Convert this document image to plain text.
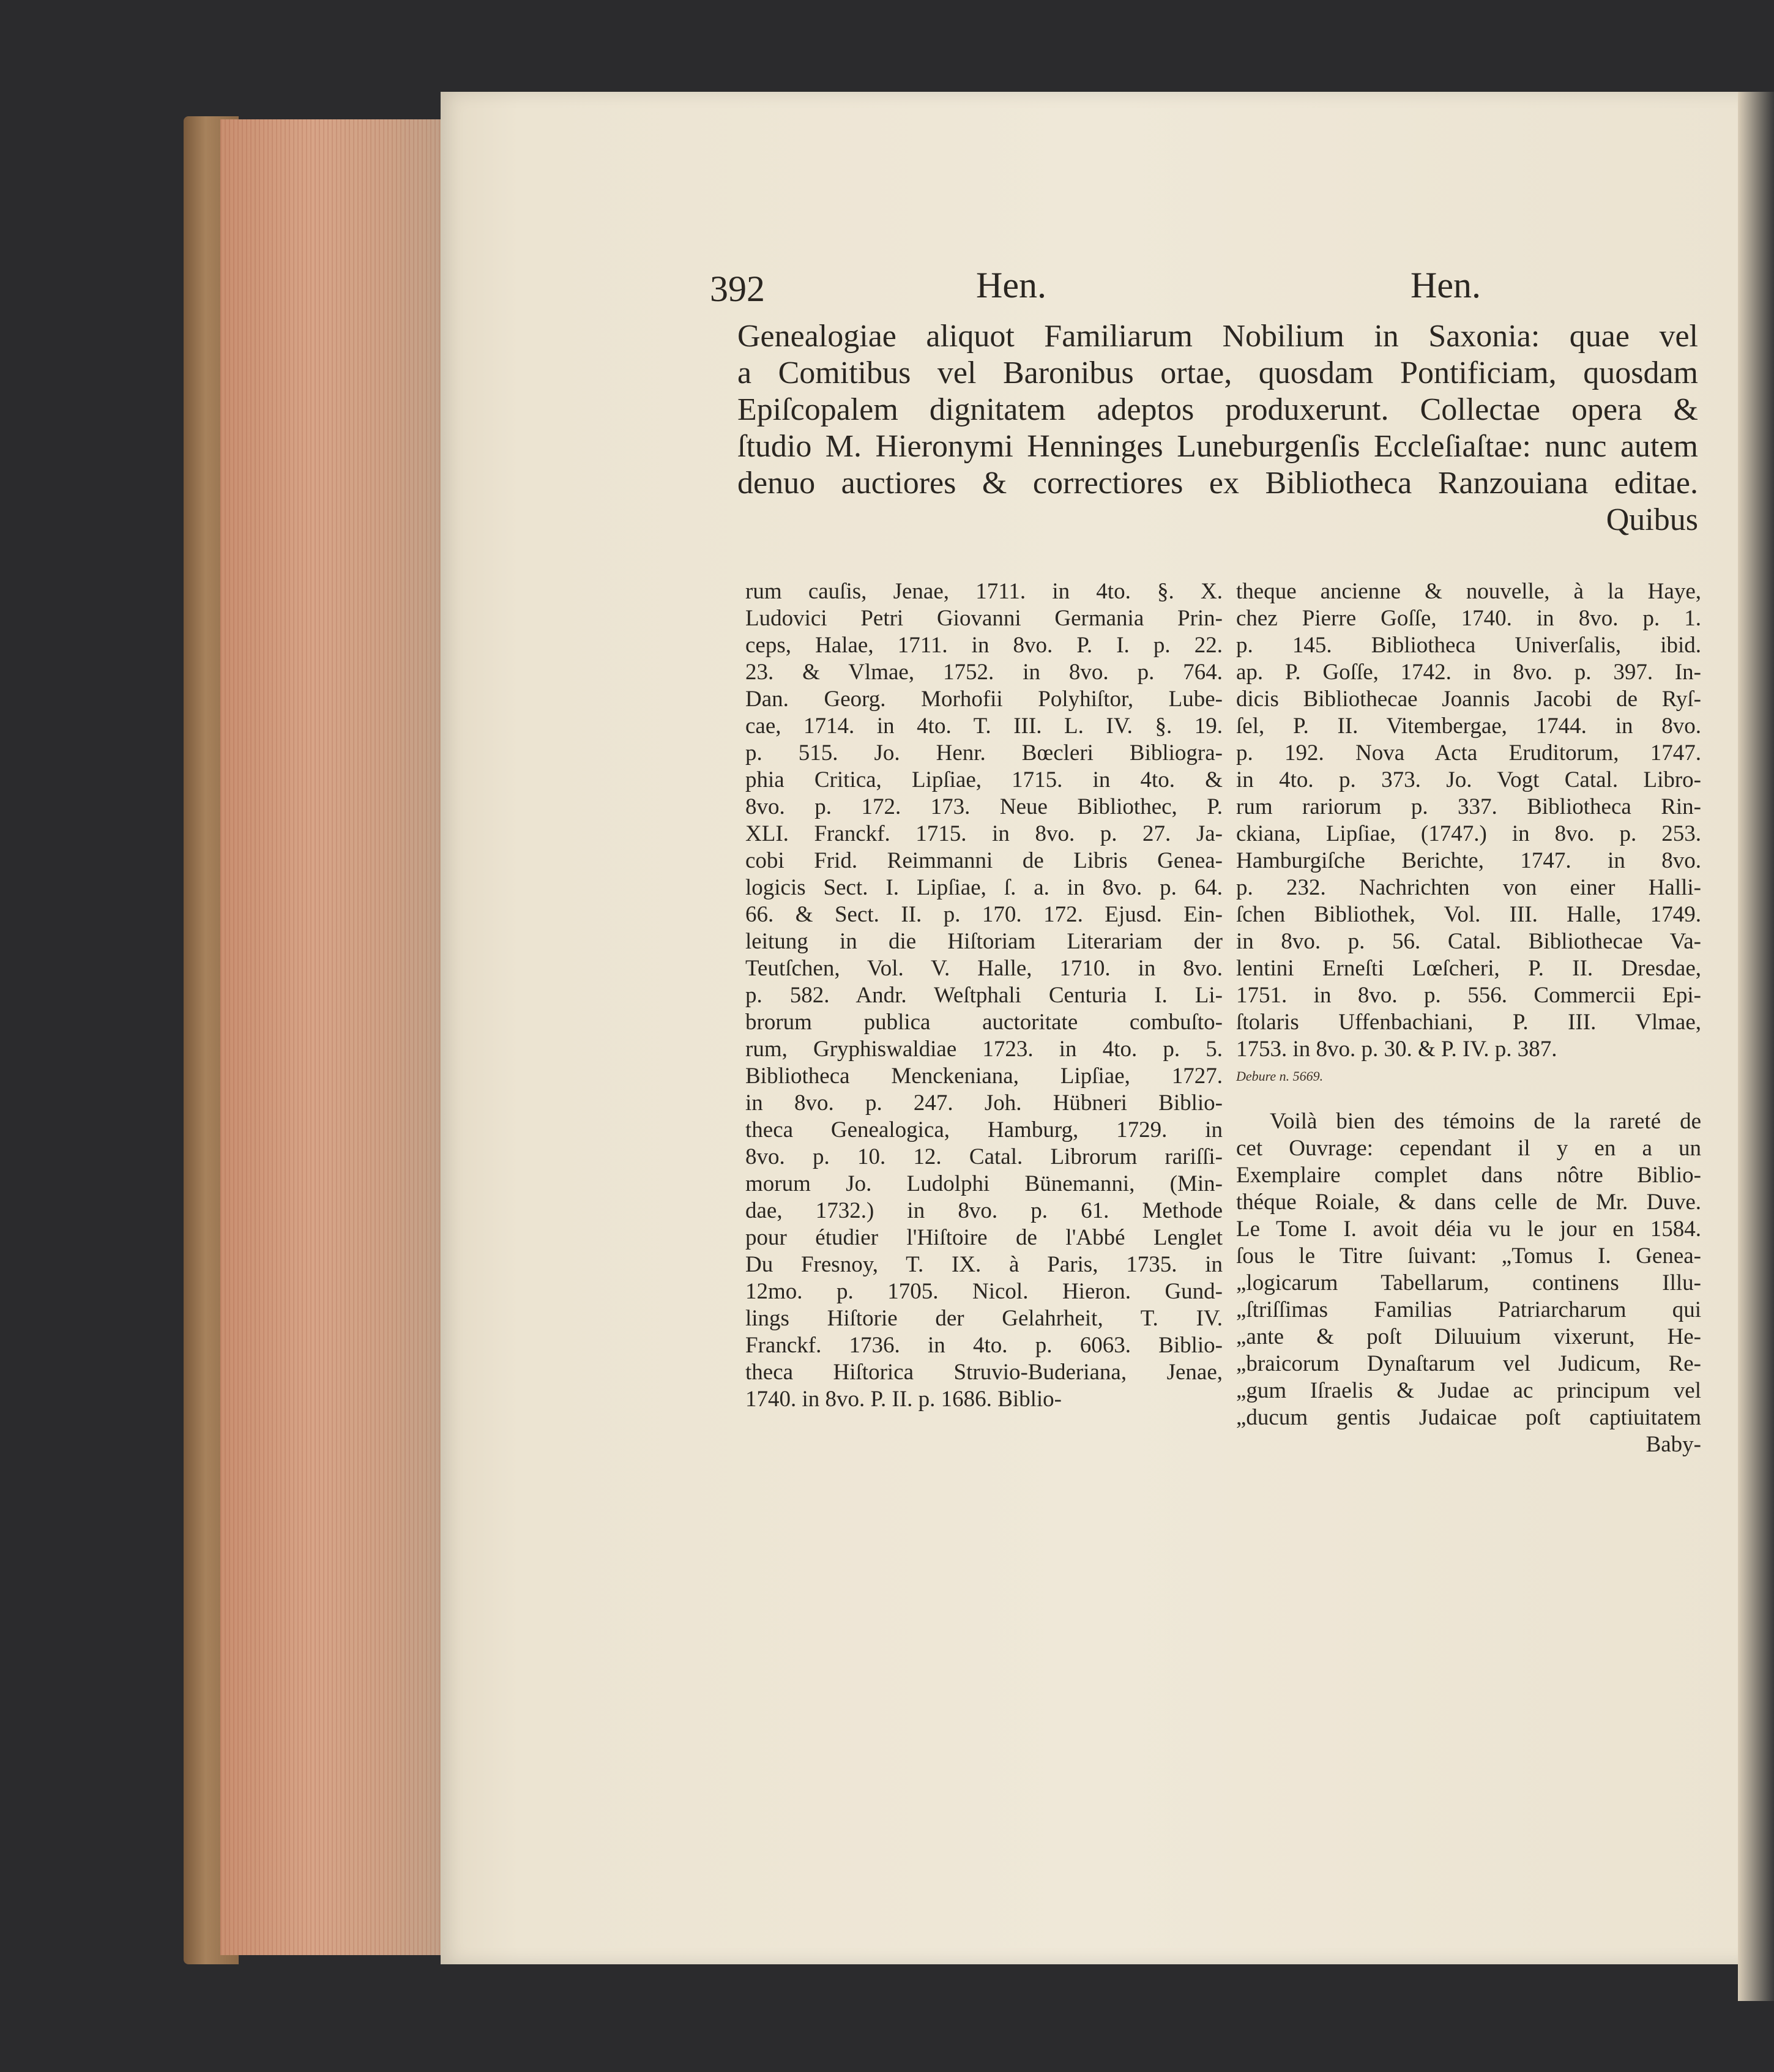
392	Hen.	Hen.
Genealogiae aliquot Familiarum Nobilium in Saxonia: quae vel
a Comitibus vel Baronibus ortae, quosdam Pontificiam, quosdam
Epiſcopalem dignitatem adeptos produxerunt. Collectae opera &
ſtudio M. Hieronymi Henninges Luneburgenſis Eccleſiaſtae: nunc autem
denuo auctiores & correctiores ex Bibliotheca Ranzouiana editae.
Quibus
rum cauſis, Jenae, 1711. in 4to. §. X.
Ludovici Petri Giovanni Germania Prin-
ceps, Halae, 1711. in 8vo. P. I. p. 22.
23. & Vlmae, 1752. in 8vo. p. 764.
Dan. Georg. Morhofii Polyhiſtor, Lube-
cae, 1714. in 4to. T. III. L. IV. §. 19.
p. 515. Jo. Henr. Bœcleri Bibliogra-
phia Critica, Lipſiae, 1715. in 4to. &
8vo. p. 172. 173. Neue Bibliothec, P.
XLI. Franckf. 1715. in 8vo. p. 27. Ja-
cobi Frid. Reimmanni de Libris Genea-
logicis Sect. I. Lipſiae, ſ. a. in 8vo. p. 64.
66. & Sect. II. p. 170. 172. Ejusd. Ein-
leitung in die Hiſtoriam Literariam der
Teutſchen, Vol. V. Halle, 1710. in 8vo.
p. 582. Andr. Weſtphali Centuria I. Li-
brorum publica auctoritate combuſto-
rum, Gryphiswaldiae 1723. in 4to. p. 5.
Bibliotheca Menckeniana, Lipſiae, 1727.
in 8vo. p. 247. Joh. Hübneri Biblio-
theca Genealogica, Hamburg, 1729. in
8vo. p. 10. 12. Catal. Librorum rariſſi-
morum Jo. Ludolphi Bünemanni, (Min-
dae, 1732.) in 8vo. p. 61. Methode
pour étudier l'Hiſtoire de l'Abbé Lenglet
Du Fresnoy, T. IX. à Paris, 1735. in
12mo. p. 1705. Nicol. Hieron. Gund-
lings Hiſtorie der Gelahrheit, T. IV.
Franckf. 1736. in 4to. p. 6063. Biblio-
theca Hiſtorica Struvio-Buderiana, Jenae,
1740. in 8vo. P. II. p. 1686. Biblio-
theque ancienne & nouvelle, à la Haye,
chez Pierre Goſſe, 1740. in 8vo. p. 1.
p. 145. Bibliotheca Univerſalis, ibid.
ap. P. Goſſe, 1742. in 8vo. p. 397. In-
dicis Bibliothecae Joannis Jacobi de Ryſ-
ſel, P. II. Vitembergae, 1744. in 8vo.
p. 192. Nova Acta Eruditorum, 1747.
in 4to. p. 373. Jo. Vogt Catal. Libro-
rum rariorum p. 337. Bibliotheca Rin-
ckiana, Lipſiae, (1747.) in 8vo. p. 253.
Hamburgiſche Berichte, 1747. in 8vo.
p. 232. Nachrichten von einer Halli-
ſchen Bibliothek, Vol. III. Halle, 1749.
in 8vo. p. 56. Catal. Bibliothecae Va-
lentini Erneſti Lœſcheri, P. II. Dresdae,
1751. in 8vo. p. 556. Commercii Epi-
ſtolaris Uffenbachiani, P. III. Vlmae,
1753. in 8vo. p. 30. & P. IV. p. 387.
Debure n. 5669.
Voilà bien des témoins de la rareté de
cet Ouvrage: cependant il y en a un
Exemplaire complet dans nôtre Biblio-
théque Roiale, & dans celle de Mr. Duve.
Le Tome I. avoit déia vu le jour en 1584.
ſous le Titre ſuivant: „Tomus I. Genea-
„logicarum Tabellarum, continens Illu-
„ſtriſſimas Familias Patriarcharum qui
„ante & poſt Diluuium vixerunt, He-
„braicorum Dynaſtarum vel Judicum, Re-
„gum Iſraelis & Judae ac principum vel
„ducum gentis Judaicae poſt captiuitatem
Baby-
